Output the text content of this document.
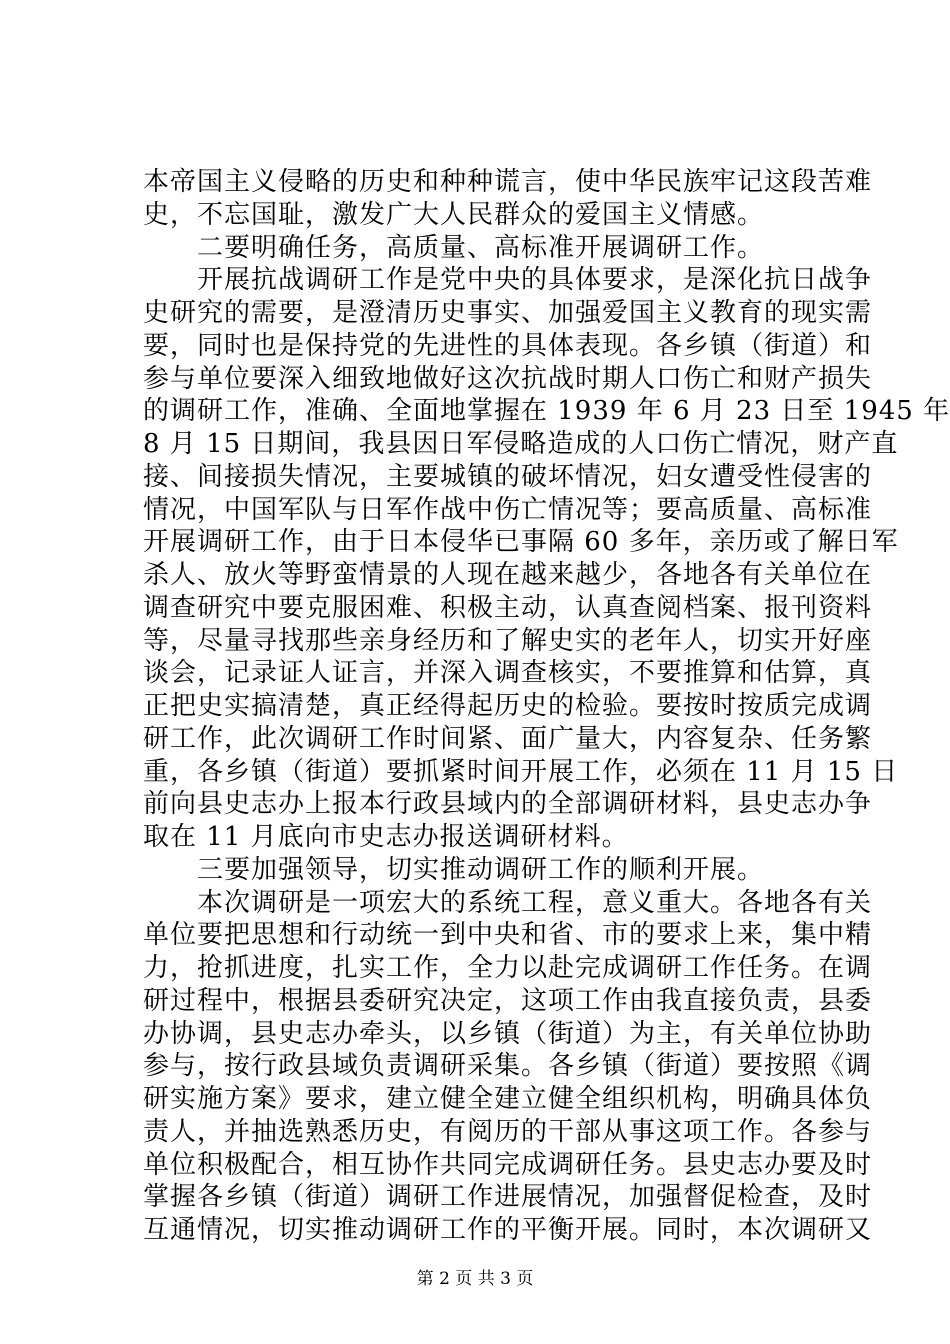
本帝国主义侵略的历史和种种谎言，使中华民族牢记这段苦难
史，不忘国耻，激发广大人民群众的爱国主义情感。
二要明确任务，高质量、高标准开展调研工作。
开展抗战调研工作是党中央的具体要求，是深化抗日战争
史研究的需要，是澄清历史事实、加强爱国主义教育的现实需
要，同时也是保持党的先进性的具体表现。各乡镇（街道）和
参与单位要深入细致地做好这次抗战时期人口伤亡和财产损失
的调研工作，准确、全面地掌握在 1939 年 6 月 23 日至 1945 年
8 月 15 日期间，我县因日军侵略造成的人口伤亡情况，财产直
接、间接损失情况，主要城镇的破坏情况，妇女遭受性侵害的
情况，中国军队与日军作战中伤亡情况等；要高质量、高标准
开展调研工作，由于日本侵华已事隔 60 多年，亲历或了解日军
杀人、放火等野蛮情景的人现在越来越少，各地各有关单位在
调查研究中要克服困难、积极主动，认真查阅档案、报刊资料
等，尽量寻找那些亲身经历和了解史实的老年人，切实开好座
谈会，记录证人证言，并深入调查核实，不要推算和估算，真
正把史实搞清楚，真正经得起历史的检验。要按时按质完成调
研工作，此次调研工作时间紧、面广量大，内容复杂、任务繁
重，各乡镇（街道）要抓紧时间开展工作，必须在 11 月 15 日
前向县史志办上报本行政县域内的全部调研材料，县史志办争
取在 11 月底向市史志办报送调研材料。
三要加强领导，切实推动调研工作的顺利开展。
本次调研是一项宏大的系统工程，意义重大。各地各有关
单位要把思想和行动统一到中央和省、市的要求上来，集中精
力，抢抓进度，扎实工作，全力以赴完成调研工作任务。在调
研过程中，根据县委研究决定，这项工作由我直接负责，县委
办协调，县史志办牵头，以乡镇（街道）为主，有关单位协助
参与，按行政县域负责调研采集。各乡镇（街道）要按照《调
研实施方案》要求，建立健全建立健全组织机构，明确具体负
责人，并抽选熟悉历史，有阅历的干部从事这项工作。各参与
单位积极配合，相互协作共同完成调研任务。县史志办要及时
掌握各乡镇（街道）调研工作进展情况，加强督促检查，及时
互通情况，切实推动调研工作的平衡开展。同时，本次调研又
第 2 页 共 3 页
